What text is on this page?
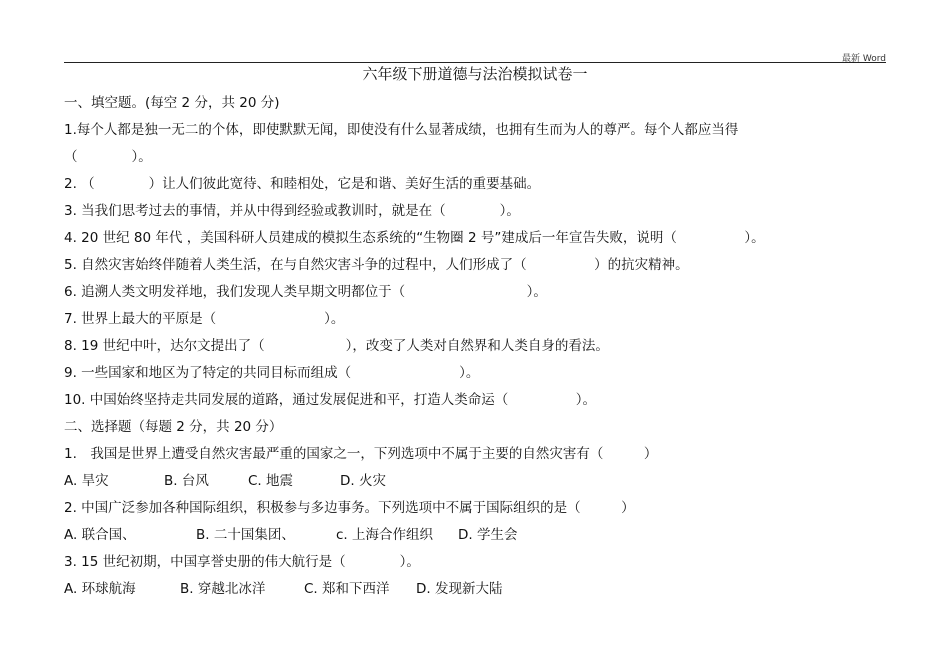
最新 Word
六年级下册道德与法治模拟试卷一
一、填空题。(每空 2 分，共 20 分)
1.每个人都是独一无二的个体，即使默默无闻，即使没有什么显著成绩，也拥有生而为人的尊严。每个人都应当得
（　　　　）。
2. （　　　　）让人们彼此宽待、和睦相处，它是和谐、美好生活的重要基础。
3. 当我们思考过去的事情，并从中得到经验或教训时，就是在（　　　　）。
4. 20 世纪 80 年代 ，美国科研人员建成的模拟生态系统的“生物圈 2 号”建成后一年宣告失败，说明（　　　　　）。
5. 自然灾害始终伴随着人类生活，在与自然灾害斗争的过程中，人们形成了（　　　　　）的抗灾精神。
6. 追溯人类文明发祥地，我们发现人类早期文明都位于（　　　　　　　　　）。
7. 世界上最大的平原是（　　　　　　　　）。
8. 19 世纪中叶，达尔文提出了（　　　　　　），改变了人类对自然界和人类自身的看法。
9. 一些国家和地区为了特定的共同目标而组成（　　　　　　　　）。
10. 中国始终坚持走共同发展的道路，通过发展促进和平，打造人类命运（　　　　　）。
二、选择题（每题 2 分，共 20 分）
1.　我国是世界上遭受自然灾害最严重的国家之一，下列选项中不属于主要的自然灾害有（　　　）
A. 旱灾	B. 台风	C. 地震	D. 火灾
2. 中国广泛参加各种国际组织，积极参与多边事务。下列选项中不属于国际组织的是（　　　）
A. 联合国、	B. 二十国集团、	c. 上海合作组织 D. 学生会
3. 15 世纪初期，中国享誉史册的伟大航行是（　　　　）。
A. 环球航海	B. 穿越北冰洋	C. 郑和下西洋 D. 发现新大陆
